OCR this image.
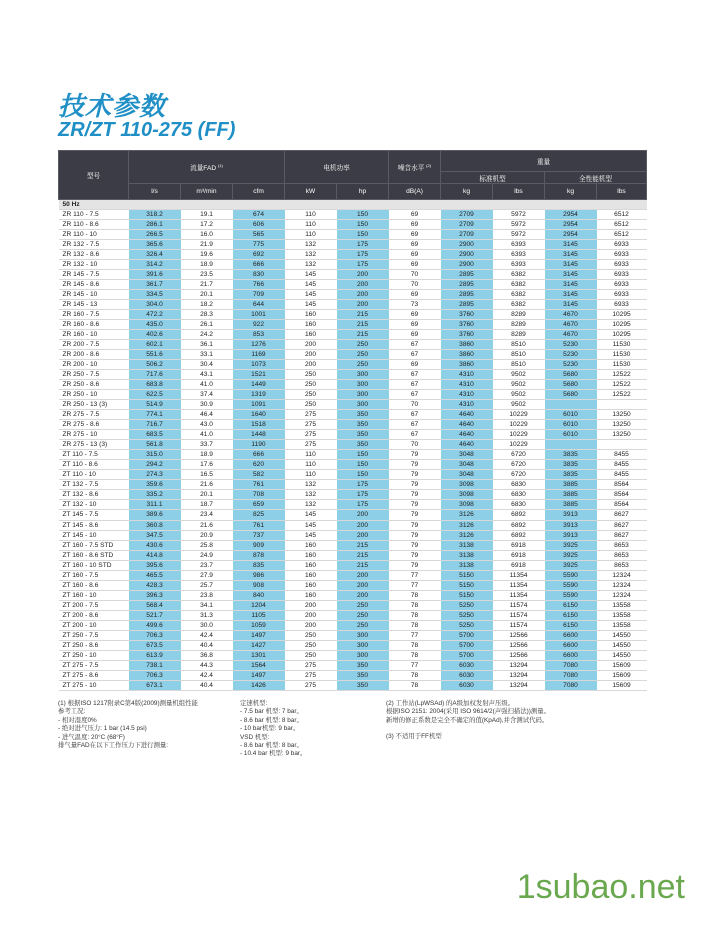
技术参数
ZR/ZT 110-275 (FF)
型号	流量FAD $^{(1)}$			电机功率		噪音水平 $^{(2)}$	重量			
							标准机型		全性能机型	
	l/s	m³/min	cfm	kW	hp	dB(A)	kg	lbs	kg	lbs
50 Hz										
ZR 110 - 7.5	318.2	19.1	674	110	150	69	2709	5972	2954	6512
ZR 110 - 8.6	286.1	17.2	606	110	150	69	2709	5972	2954	6512
ZR 110 - 10	266.5	16.0	565	110	150	69	2709	5972	2954	6512
ZR 132 - 7.5	365.6	21.9	775	132	175	69	2900	6393	3145	6933
ZR 132 - 8.6	326.4	19.6	692	132	175	69	2900	6393	3145	6933
ZR 132 - 10	314.2	18.9	666	132	175	69	2900	6393	3145	6933
ZR 145 - 7.5	391.6	23.5	830	145	200	70	2895	6382	3145	6933
ZR 145 - 8.6	361.7	21.7	766	145	200	70	2895	6382	3145	6933
ZR 145 - 10	334.5	20.1	709	145	200	69	2895	6382	3145	6933
ZR 145 - 13	304.0	18.2	644	145	200	73	2895	6382	3145	6933
ZR 160 - 7.5	472.2	28.3	1001	160	215	69	3760	8289	4670	10295
ZR 160 - 8.6	435.0	26.1	922	160	215	69	3760	8289	4670	10295
ZR 160 - 10	402.6	24.2	853	160	215	69	3760	8289	4670	10295
ZR 200 - 7.5	602.1	36.1	1276	200	250	67	3860	8510	5230	11530
ZR 200 - 8.6	551.6	33.1	1169	200	250	67	3860	8510	5230	11530
ZR 200 - 10	506.2	30.4	1073	200	250	69	3860	8510	5230	11530
ZR 250 - 7.5	717.6	43.1	1521	250	300	67	4310	9502	5680	12522
ZR 250 - 8.6	683.8	41.0	1449	250	300	67	4310	9502	5680	12522
ZR 250 - 10	622.5	37.4	1319	250	300	67	4310	9502	5680	12522
ZR 250 - 13 (3)	514.9	30.9	1091	250	300	70	4310	9502		
ZR 275 - 7.5	774.1	46.4	1640	275	350	67	4640	10229	6010	13250
ZR 275 - 8.6	716.7	43.0	1518	275	350	67	4640	10229	6010	13250
ZR 275 - 10	683.5	41.0	1448	275	350	67	4640	10229	6010	13250
ZR 275 - 13 (3)	561.8	33.7	1190	275	350	70	4640	10229		
ZT 110 - 7.5	315.0	18.9	666	110	150	79	3048	6720	3835	8455
ZT 110 - 8.6	294.2	17.6	620	110	150	79	3048	6720	3835	8455
ZT 110 - 10	274.3	16.5	582	110	150	79	3048	6720	3835	8455
ZT 132 - 7.5	359.6	21.6	761	132	175	79	3098	6830	3885	8564
ZT 132 - 8.6	335.2	20.1	708	132	175	79	3098	6830	3885	8564
ZT 132 - 10	311.1	18.7	659	132	175	79	3098	6830	3885	8564
ZT 145 - 7.5	389.6	23.4	825	145	200	79	3126	6892	3913	8627
ZT 145 - 8.6	360.8	21.6	761	145	200	79	3126	6892	3913	8627
ZT 145 - 10	347.5	20.9	737	145	200	79	3126	6892	3913	8627
ZT 160 - 7.5 STD	430.6	25.8	909	160	215	79	3138	6918	3925	8653
ZT 160 - 8.6 STD	414.8	24.9	878	160	215	79	3138	6918	3925	8653
ZT 160 - 10 STD	395.6	23.7	835	160	215	79	3138	6918	3925	8653
ZT 160 - 7.5	465.5	27.9	986	160	200	77	5150	11354	5590	12324
ZT 160 - 8.6	428.3	25.7	908	160	200	77	5150	11354	5590	12324
ZT 160 - 10	396.3	23.8	840	160	200	78	5150	11354	5590	12324
ZT 200 - 7.5	568.4	34.1	1204	200	250	78	5250	11574	6150	13558
ZT 200 - 8.6	521.7	31.3	1105	200	250	78	5250	11574	6150	13558
ZT 200 - 10	499.6	30.0	1059	200	250	78	5250	11574	6150	13558
ZT 250 - 7.5	706.3	42.4	1497	250	300	77	5700	12566	6600	14550
ZT 250 - 8.6	673.5	40.4	1427	250	300	78	5700	12566	6600	14550
ZT 250 - 10	613.9	36.8	1301	250	300	78	5700	12566	6600	14550
ZT 275 - 7.5	738.1	44.3	1564	275	350	77	6030	13294	7080	15609
ZT 275 - 8.6	706.3	42.4	1497	275	350	78	6030	13294	7080	15609
ZT 275 - 10	673.1	40.4	1426	275	350	78	6030	13294	7080	15609
(1) 根据ISO 1217附录C第4版(2009)测量机组性能
参考工况:
- 相对湿度0%
- 绝对进气压力: 1 bar (14.5 psi)
- 进气温度: 20°C (68°F)
排气量FAD在以下工作压力下进行测量:
定速机型:
- 7.5 bar 机型: 7 bar。
- 8.6 bar 机型: 8 bar。
- 10 bar机型: 9 bar。
VSD 机型:
- 8.6 bar 机型: 8 bar。
- 10.4 bar 机型: 9 bar。
(2) 工作站(LpWSAd) 的A级加权发射声压级。
根据ISO 2151: 2004(采用 ISO 9614/2(声强扫描法))测量。
新增的修正系数是完全不确定的值(KpAd),并含测试代码。
(3) 不适用于FF机型
1subao.net
